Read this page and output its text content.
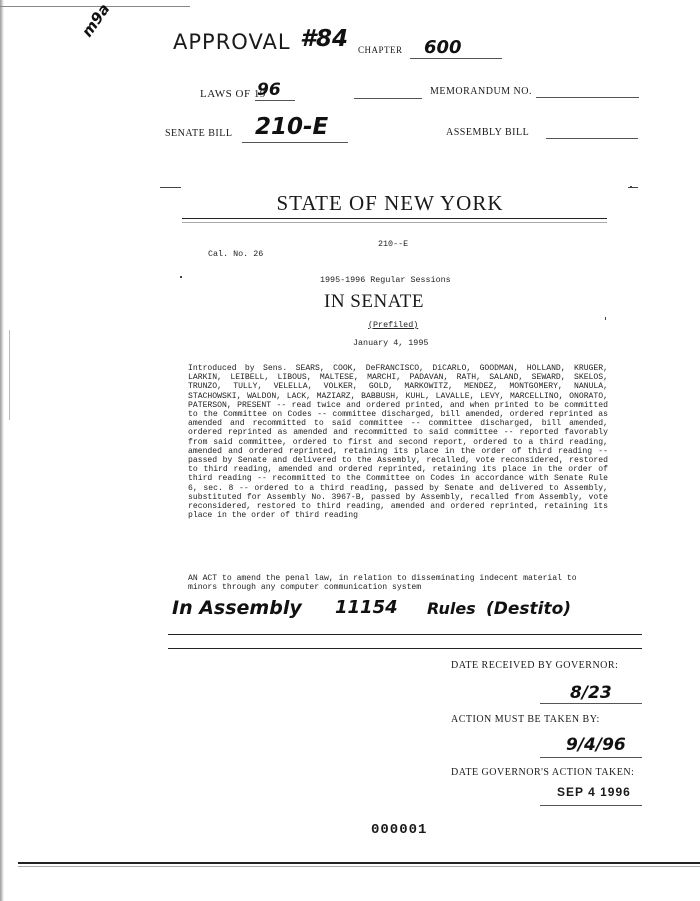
m9a
APPROVAL #84 CHAPTER 600
LAWS OF 19
96	MEMORANDUM NO.
SENATE BILL 210-E	ASSEMBLY BILL
STATE OF NEW YORK
210--E
Cal. No. 26
1995-1996 Regular Sessions
IN SENATE
(Prefiled)
January 4, 1995
Introduced by Sens. SEARS, COOK, DeFRANCISCO, DiCARLO, GOODMAN, HOLLAND, KRUGER, LARKIN, LEIBELL, LIBOUS, MALTESE, MARCHI, PADAVAN, RATH, SALAND, SEWARD, SKELOS, TRUNZO, TULLY, VELELLA, VOLKER, GOLD, MARKOWITZ, MENDEZ, MONTGOMERY, NANULA, STACHOWSKI, WALDON, LACK, MAZIARZ, BABBUSH, KUHL, LAVALLE, LEVY, MARCELLINO, ONORATO, PATERSON, PRESENT -- read twice and ordered printed, and when printed to be committed to the Committee on Codes -- committee discharged, bill amended, ordered reprinted as amended and recommitted to said committee -- committee discharged, bill amended, ordered reprinted as amended and recommitted to said committee -- reported favorably from said committee, ordered to first and second report, ordered to a third reading, amended and ordered reprinted, retaining its place in the order of third reading -- passed by Senate and delivered to the Assembly, recalled, vote reconsidered, restored to third reading, amended and ordered reprinted, retaining its place in the order of third reading -- recommitted to the Committee on Codes in accordance with Senate Rule 6, sec. 8 -- ordered to a third reading, passed by Senate and delivered to Assembly, substituted for Assembly No. 3967-B, passed by Assembly, recalled from Assembly, vote reconsidered, restored to third reading, amended and ordered reprinted, retaining its place in the order of third reading
AN ACT to amend the penal law, in relation to disseminating indecent material to minors through any computer communication system
In Assembly 11154 Rules (Destito)
DATE RECEIVED BY GOVERNOR:
8/23
ACTION MUST BE TAKEN BY:
9/4/96
DATE GOVERNOR'S ACTION TAKEN:
SEP 4 1996
000001
